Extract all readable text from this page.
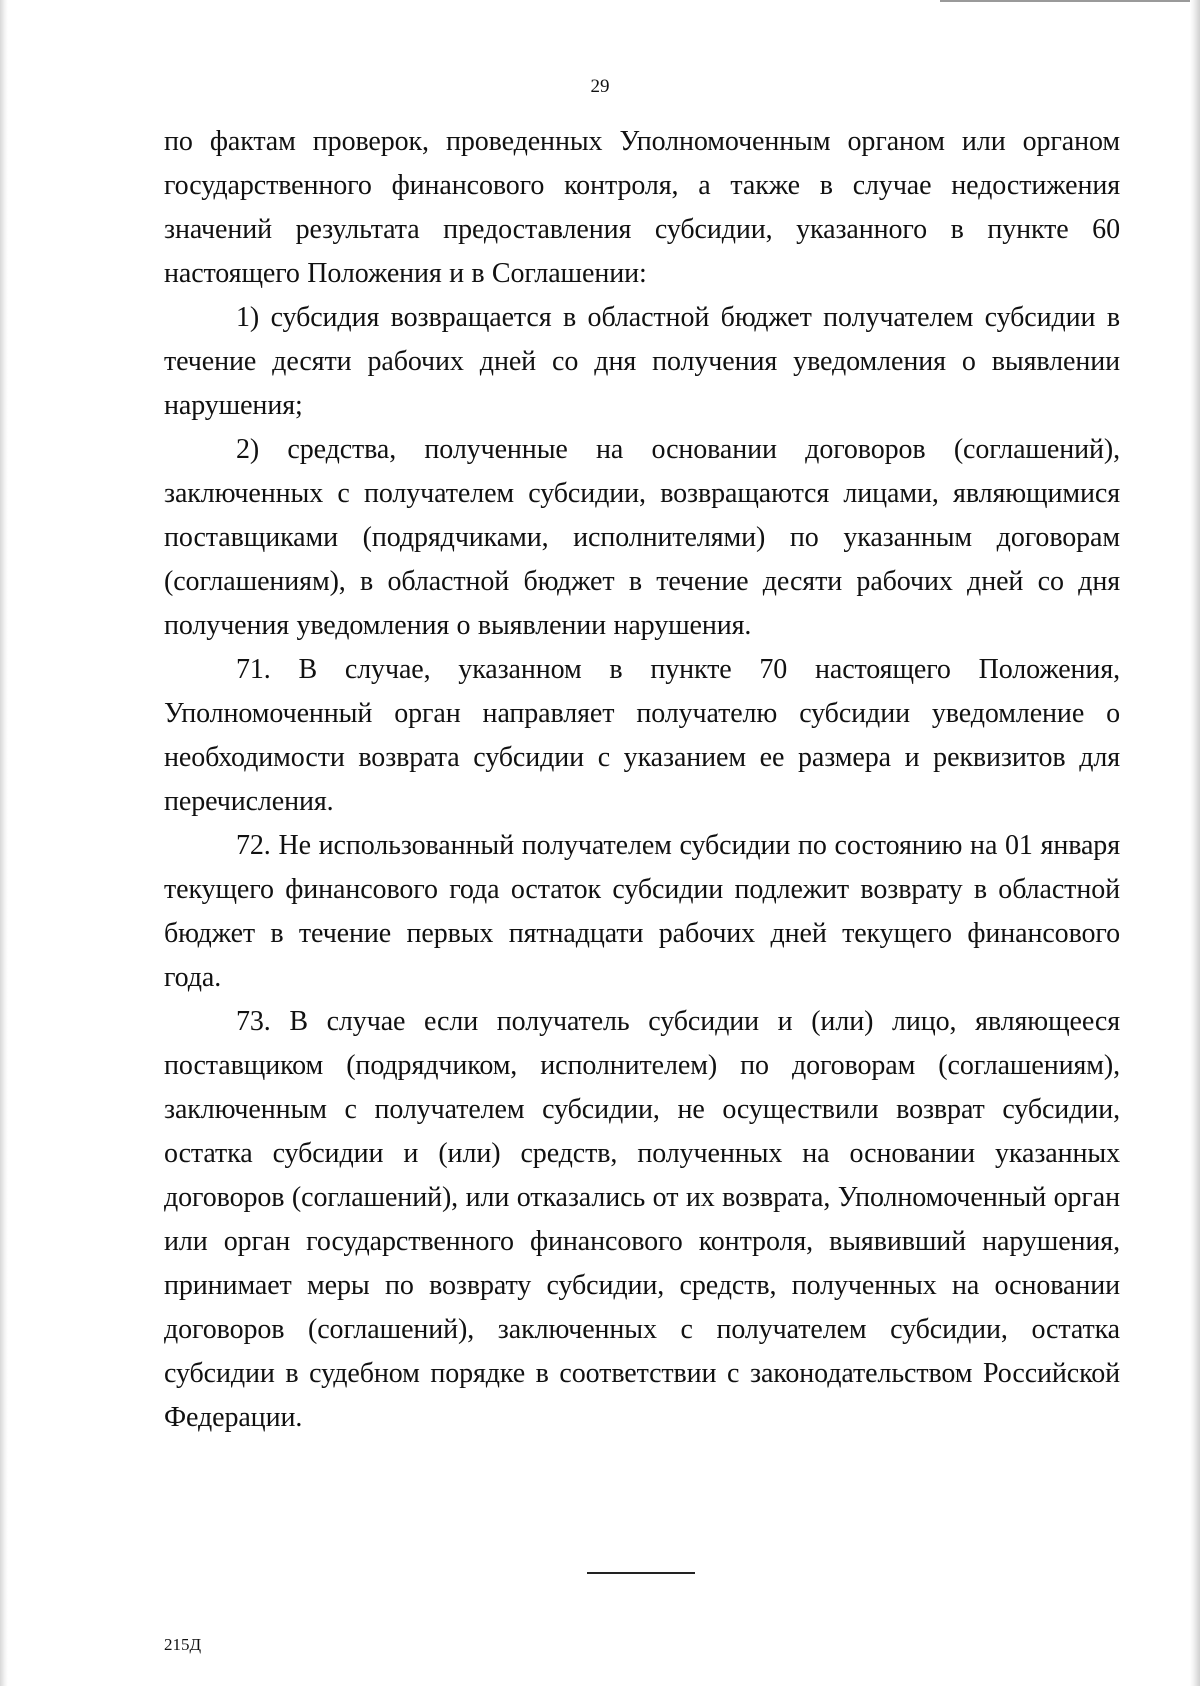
29

по фактам проверок, проведенных Уполномоченным органом или органом государственного финансового контроля, а также в случае недостижения значений результата предоставления субсидии, указанного в пункте 60 настоящего Положения и в Соглашении:

1) субсидия возвращается в областной бюджет получателем субсидии в течение десяти рабочих дней со дня получения уведомления о выявлении нарушения;

2) средства, полученные на основании договоров (соглашений), заключенных с получателем субсидии, возвращаются лицами, являющимися поставщиками (подрядчиками, исполнителями) по указанным договорам (соглашениям), в областной бюджет в течение десяти рабочих дней со дня получения уведомления о выявлении нарушения.

71. В случае, указанном в пункте 70 настоящего Положения, Уполномоченный орган направляет получателю субсидии уведомление о необходимости возврата субсидии с указанием ее размера и реквизитов для перечисления.

72. Не использованный получателем субсидии по состоянию на 01 января текущего финансового года остаток субсидии подлежит возврату в областной бюджет в течение первых пятнадцати рабочих дней текущего финансового года.

73. В случае если получатель субсидии и (или) лицо, являющееся поставщиком (подрядчиком, исполнителем) по договорам (соглашениям), заключенным с получателем субсидии, не осуществили возврат субсидии, остатка субсидии и (или) средств, полученных на основании указанных договоров (соглашений), или отказались от их возврата, Уполномоченный орган или орган государственного финансового контроля, выявивший нарушения, принимает меры по возврату субсидии, средств, полученных на основании договоров (соглашений), заключенных с получателем субсидии, остатка субсидии в судебном порядке в соответствии с законодательством Российской Федерации.

215Д
